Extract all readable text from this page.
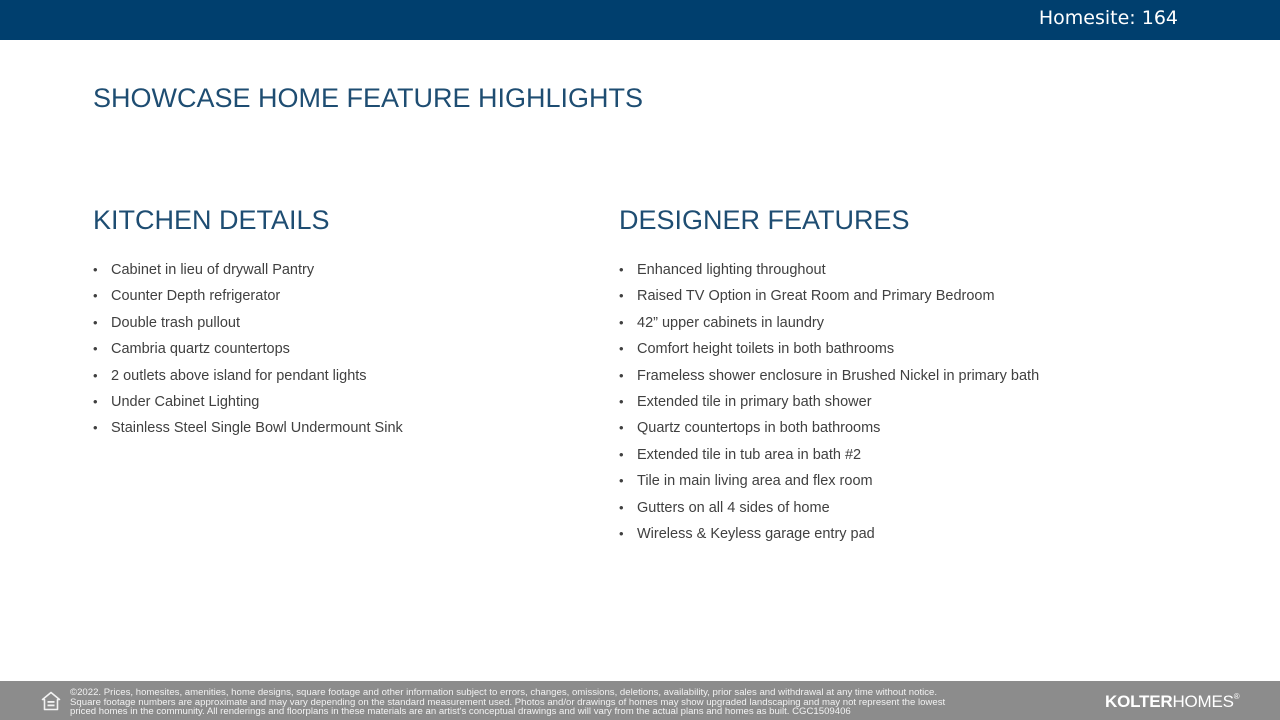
Homesite: 164
SHOWCASE HOME FEATURE HIGHLIGHTS
KITCHEN DETAILS
• Cabinet in lieu of drywall Pantry
• Counter Depth refrigerator
• Double trash pullout
• Cambria quartz countertops
• 2 outlets above island for pendant lights
• Under Cabinet Lighting
• Stainless Steel Single Bowl Undermount Sink
DESIGNER FEATURES
• Enhanced lighting throughout
• Raised TV Option in Great Room and Primary Bedroom
• 42” upper cabinets in laundry
• Comfort height toilets in both bathrooms
• Frameless shower enclosure in Brushed Nickel in primary bath
• Extended tile in primary bath shower
• Quartz countertops in both bathrooms
• Extended tile in tub area in bath #2
• Tile in main living area and flex room
• Gutters on all 4 sides of home
• Wireless & Keyless garage entry pad
©2022. Prices, homesites, amenities, home designs, square footage and other information subject to errors, changes, omissions, deletions, availability, prior sales and withdrawal at any time without notice.
Square footage numbers are approximate and may vary depending on the standard measurement used. Photos and/or drawings of homes may show upgraded landscaping and may not represent the lowest
priced homes in the community. All renderings and floorplans in these materials are an artist's conceptual drawings and will vary from the actual plans and homes as built. CGC1509406
KOLTERHOMES®
